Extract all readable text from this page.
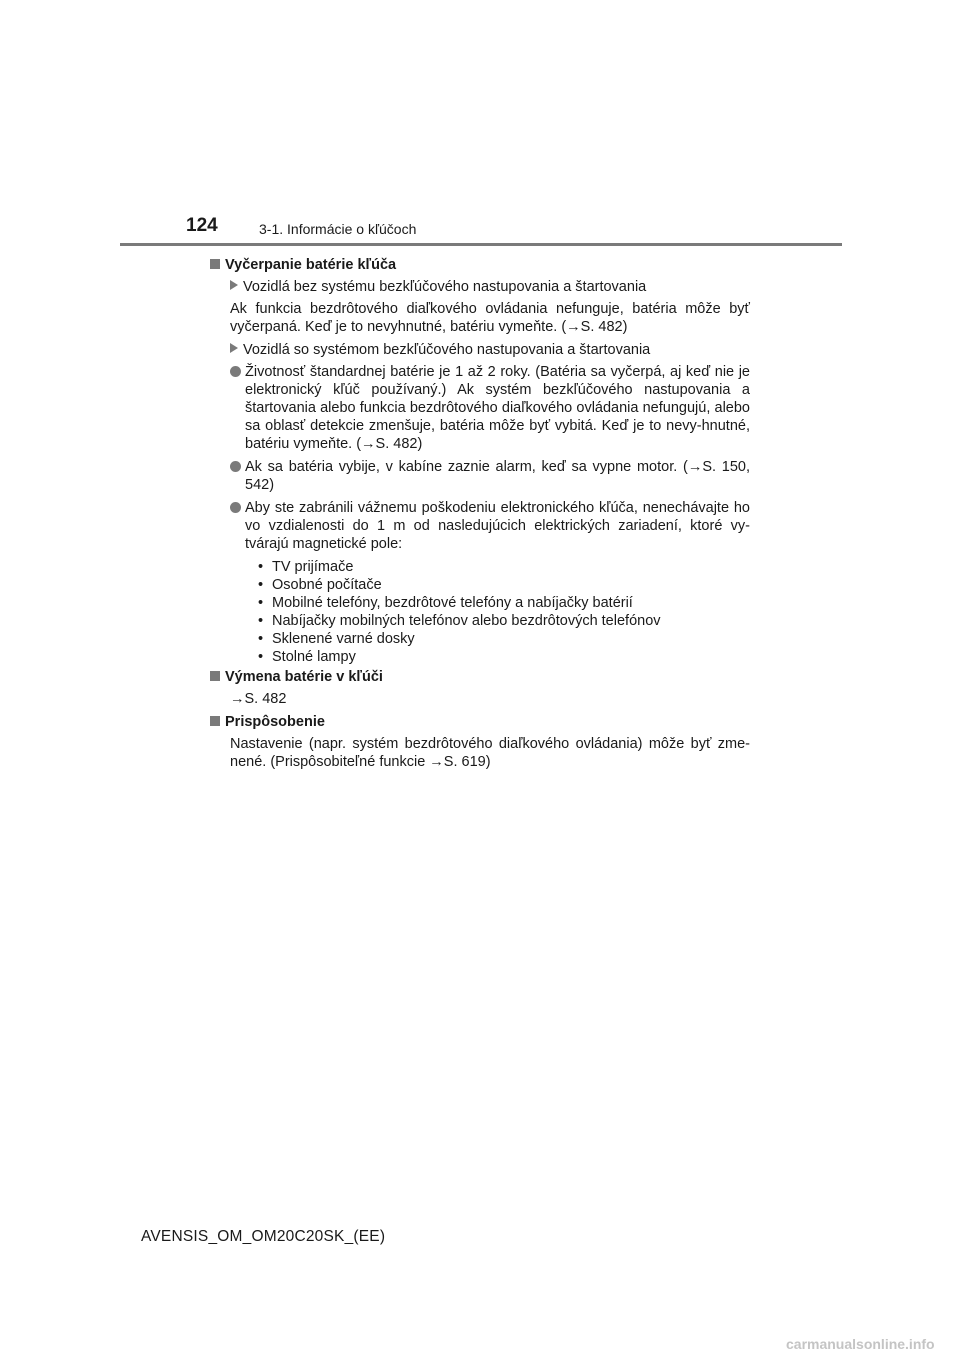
124	3-1. Informácie o kľúčoch
Vyčerpanie batérie kľúča
Vozidlá bez systému bezkľúčového nastupovania a štartovania
Ak funkcia bezdrôtového diaľkového ovládania nefunguje, batéria môže byť vyčerpaná. Keď je to nevyhnutné, batériu vymeňte. (→S. 482)
Vozidlá so systémom bezkľúčového nastupovania a štartovania
Životnosť štandardnej batérie je 1 až 2 roky. (Batéria sa vyčerpá, aj keď nie je elektronický kľúč používaný.) Ak systém bezkľúčového nastupovania a štartovania alebo funkcia bezdrôtového diaľkového ovládania nefungujú, alebo sa oblasť detekcie zmenšuje, batéria môže byť vybitá. Keď je to nevy-hnutné, batériu vymeňte. (→S. 482)
Ak sa batéria vybije, v kabíne zaznie alarm, keď sa vypne motor. (→S. 150, 542)
Aby ste zabránili vážnemu poškodeniu elektronického kľúča, nenechávajte ho vo vzdialenosti do 1 m od nasledujúcich elektrických zariadení, ktoré vy-tvárajú magnetické pole:
• TV prijímače
• Osobné počítače
• Mobilné telefóny, bezdrôtové telefóny a nabíjačky batérií
• Nabíjačky mobilných telefónov alebo bezdrôtových telefónov
• Sklenené varné dosky
• Stolné lampy
Výmena batérie v kľúči
→S. 482
Prispôsobenie
Nastavenie (napr. systém bezdrôtového diaľkového ovládania) môže byť zme-nené. (Prispôsobiteľné funkcie →S. 619)
AVENSIS_OM_OM20C20SK_(EE)
carmanualsonline.info
